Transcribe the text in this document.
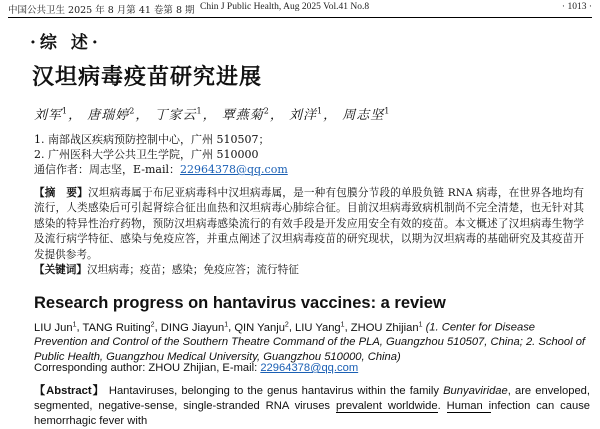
中国公共卫生 2025 年 8 月第 41 卷第 8 期 Chin J Public Health, Aug 2025 Vol.41 No.8	· 1013 ·
·综 述·
汉坦病毒疫苗研究进展
刘军$^1$， 唐瑞婷$^2$， 丁家云$^1$， 覃燕菊$^2$， 刘洋$^1$， 周志坚$^1$
1. 南部战区疾病预防控制中心，广州 510507；
2. 广州医科大学公共卫生学院，广州 510000
通信作者：周志坚，E-mail：22964378@qq.com
【摘　要】汉坦病毒属于布尼亚病毒科中汉坦病毒属，是一种有包膜分节段的单股负链 RNA 病毒，在世界各地均有流行，人类感染后可引起肾综合征出血热和汉坦病毒心肺综合征。目前汉坦病毒致病机制尚不完全清楚，也无针对其感染的特异性治疗药物，预防汉坦病毒感染流行的有效手段是开发应用安全有效的疫苗。本文概述了汉坦病毒生物学及流行病学特征、感染与免疫应答，并重点阐述了汉坦病毒疫苗的研究现状，以期为汉坦病毒的基础研究及其疫苗开发提供参考。
【关键词】汉坦病毒；疫苗；感染；免疫应答；流行特征
Research progress on hantavirus vaccines: a review
LIU Jun$^1$, TANG Ruiting$^2$, DING Jiayun$^1$, QIN Yanju$^2$, LIU Yang$^1$, ZHOU Zhijian$^1$ (1. Center for Disease Prevention and Control of the Southern Theatre Command of the PLA, Guangzhou 510507, China; 2. School of Public Health, Guangzhou Medical University, Guangzhou 510000, China)
Corresponding author: ZHOU Zhijian, E-mail: 22964378@qq.com
【Abstract】 Hantaviruses, belonging to the genus hantavirus within the family Bunyaviridae, are enveloped, segmented, negative-sense, single-stranded RNA viruses prevalent worldwide. Human infection can cause hemorrhagic fever with
